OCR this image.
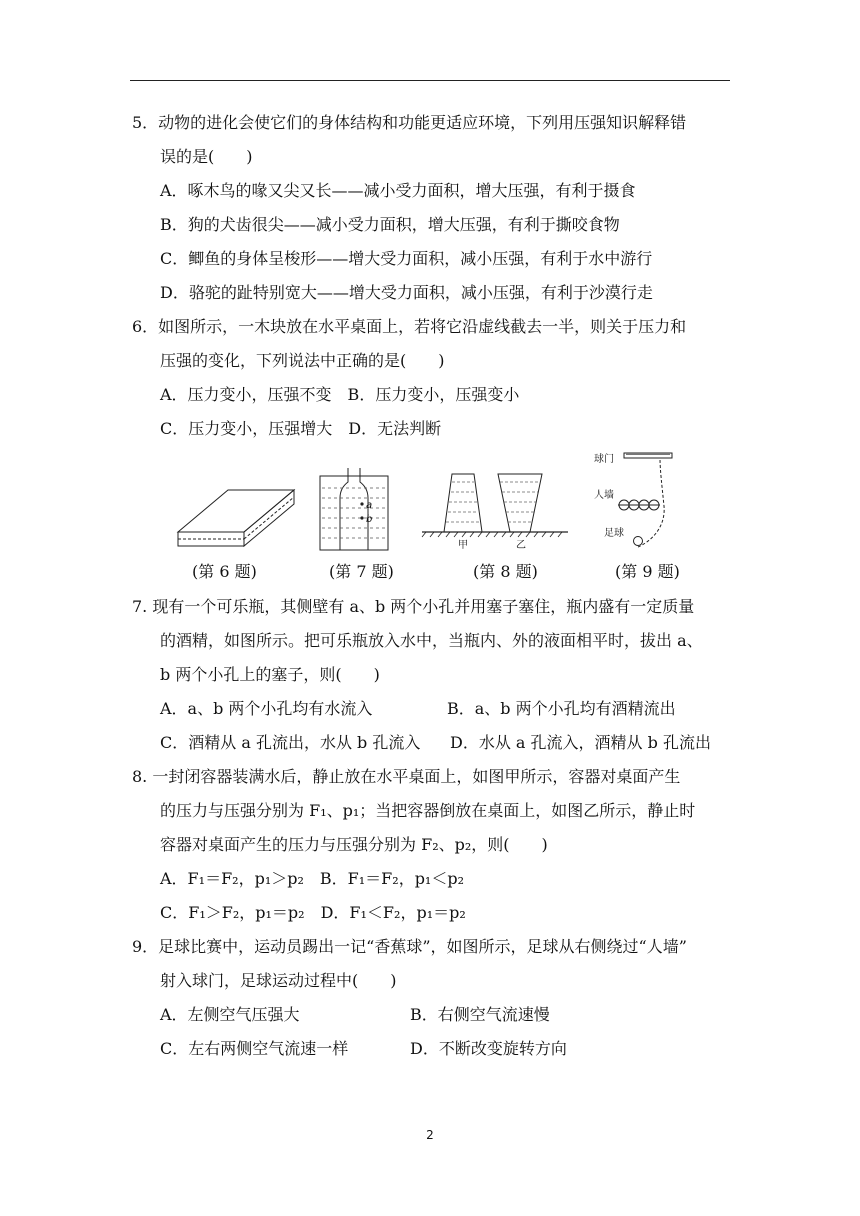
5．动物的进化会使它们的身体结构和功能更适应环境，下列用压强知识解释错
误的是(　　)
A．啄木鸟的喙又尖又长——减小受力面积，增大压强，有利于摄食
B．狗的犬齿很尖——减小受力面积，增大压强，有利于撕咬食物
C．鲫鱼的身体呈梭形——增大受力面积，减小压强，有利于水中游行
D．骆驼的趾特别宽大——增大受力面积，减小压强，有利于沙漠行走
6．如图所示，一木块放在水平桌面上，若将它沿虚线截去一半，则关于压力和
压强的变化，下列说法中正确的是(　　)
A．压力变小，压强不变　B．压力变小，压强变小
C．压力变小，压强增大　D．无法判断
a
b
甲	乙
球门
人墙
足球
(第 6 题)	(第 7 题)	(第 8 题)	(第 9 题)
7. 现有一个可乐瓶，其侧壁有 a、b 两个小孔并用塞子塞住，瓶内盛有一定质量
的酒精，如图所示。把可乐瓶放入水中，当瓶内、外的液面相平时，拔出 a、
b 两个小孔上的塞子，则(　　)
A．a、b 两个小孔均有水流入	B．a、b 两个小孔均有酒精流出
C．酒精从 a 孔流出，水从 b 孔流入 D．水从 a 孔流入，酒精从 b 孔流出
8. 一封闭容器装满水后，静止放在水平桌面上，如图甲所示，容器对桌面产生
的压力与压强分别为 F₁、p₁；当把容器倒放在桌面上，如图乙所示，静止时
容器对桌面产生的压力与压强分别为 F₂、p₂，则(　　)
A．F₁＝F₂，p₁＞p₂　B．F₁＝F₂，p₁＜p₂
C．F₁＞F₂，p₁＝p₂　D．F₁＜F₂，p₁＝p₂
9．足球比赛中，运动员踢出一记“香蕉球”，如图所示，足球从右侧绕过“人墙”
射入球门，足球运动过程中(　　)
A．左侧空气压强大	B．右侧空气流速慢
C．左右两侧空气流速一样	D．不断改变旋转方向
2
